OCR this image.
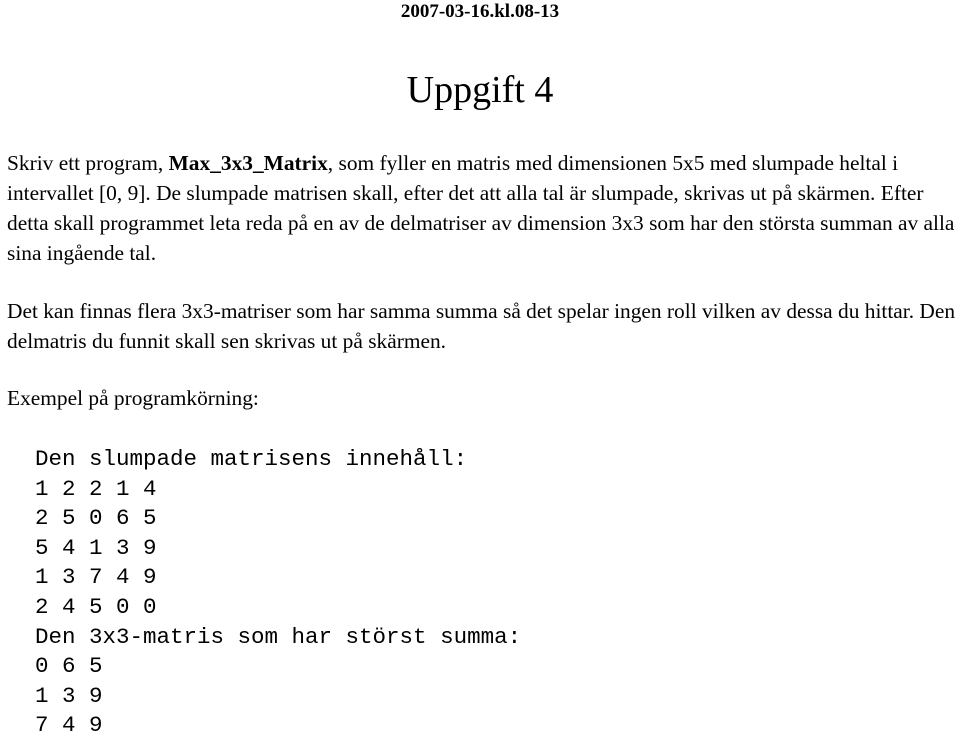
2007-03-16.kl.08-13
Uppgift 4

Skriv ett program, Max_3x3_Matrix, som fyller en matris med dimensionen 5x5 med slumpade heltal i intervallet [0, 9]. De slumpade matrisen skall, efter det att alla tal är slumpade, skrivas ut på skärmen. Efter detta skall programmet leta reda på en av de delmatriser av dimension 3x3 som har den största summan av alla sina ingående tal.

Det kan finnas flera 3x3-matriser som har samma summa så det spelar ingen roll vilken av dessa du hittar. Den delmatris du funnit skall sen skrivas ut på skärmen.

Exempel på programkörning:

Den slumpade matrisens innehåll:
1 2 2 1 4
2 5 0 6 5
5 4 1 3 9
1 3 7 4 9
2 4 5 0 0
Den 3x3-matris som har störst summa:
0 6 5
1 3 9
7 4 9
